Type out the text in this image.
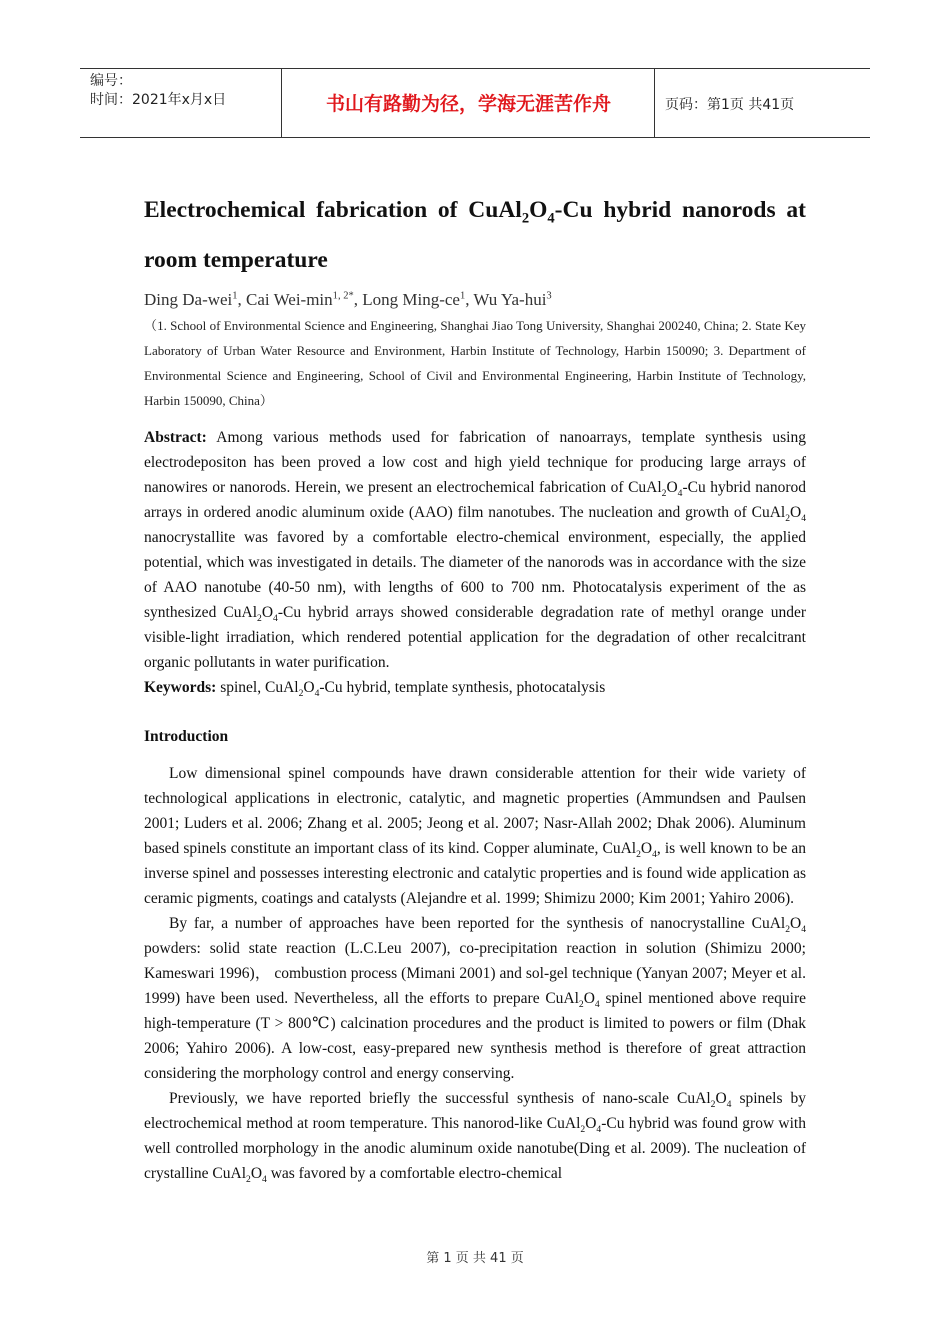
编号：
时间：2021年x月x日	书山有路勤为径，学海无涯苦作舟	页码：第1页 共41页
Electrochemical fabrication of $CuAl_2O_4-Cu$ hybrid nanorods at room temperature
Ding Da-wei$^1$, Cai Wei-$\min^{1, 2*}$, Long Ming-$ce^1$, Wu Ya-hui$^3$
（1. School of Environmental Science and Engineering, Shanghai Jiao Tong University, Shanghai 200240, China; 2. State Key Laboratory of Urban Water Resource and Environment, Harbin Institute of Technology, Harbin 150090; 3. Department of Environmental Science and Engineering, School of Civil and Environmental Engineering, Harbin Institute of Technology, Harbin 150090, China）

Abstract: Among various methods used for fabrication of nanoarrays, template synthesis using electrodepositon has been proved a low cost and high yield technique for producing large arrays of nanowires or nanorods. Herein, we present an electrochemical fabrication of $CuAl_2O_4-Cu$ hybrid nanorod arrays in ordered anodic aluminum oxide (AAO) film nanotubes. The nucleation and growth of $CuAl_2O_4$ nanocrystallite was favored by a comfortable electro-chemical environment, especially, the applied potential, which was investigated in details. The diameter of the nanorods was in accordance with the size of AAO nanotube (40-50 nm), with lengths of 600 to 700 nm. Photocatalysis experiment of the as synthesized $CuAl_2O_4-Cu$ hybrid arrays showed considerable degradation rate of methyl orange under visible-light irradiation, which rendered potential application for the degradation of other recalcitrant organic pollutants in water purification.

Keywords: spinel, $CuAl_2O_4-Cu$ hybrid, template synthesis, photocatalysis

Introduction

Low dimensional spinel compounds have drawn considerable attention for their wide variety of technological applications in electronic, catalytic, and magnetic properties (Ammundsen and Paulsen 2001; Luders et al. 2006; Zhang et al. 2005; Jeong et al. 2007; Nasr-Allah 2002; Dhak 2006). Aluminum based spinels constitute an important class of its kind. Copper aluminate, $CuAl_2O_4$, is well known to be an inverse spinel and possesses interesting electronic and catalytic properties and is found wide application as ceramic pigments, coatings and catalysts (Alejandre et al. 1999; Shimizu 2000; Kim 2001; Yahiro 2006).

By far, a number of approaches have been reported for the synthesis of nanocrystalline $CuAl_2O_4$ powders: solid state reaction (L.C.Leu 2007), co-precipitation reaction in solution (Shimizu 2000; Kameswari 1996)， combustion process (Mimani 2001) and sol-gel technique (Yanyan 2007; Meyer et al. 1999) have been used. Nevertheless, all the efforts to prepare $CuAl_2O_4$ spinel mentioned above require high-temperature (T > 800℃) calcination procedures and the product is limited to powers or film (Dhak 2006; Yahiro 2006). A low-cost, easy-prepared new synthesis method is therefore of great attraction considering the morphology control and energy conserving.

Previously, we have reported briefly the successful synthesis of nano-scale $CuAl_2O_4$ spinels by electrochemical method at room temperature. This nanorod-like $CuAl_2O_4-Cu$ hybrid was found grow with well controlled morphology in the anodic aluminum oxide nanotube(Ding et al. 2009). The nucleation of crystalline $CuAl_2O_4$ was favored by a comfortable electro-chemical

第 1 页 共 41 页
